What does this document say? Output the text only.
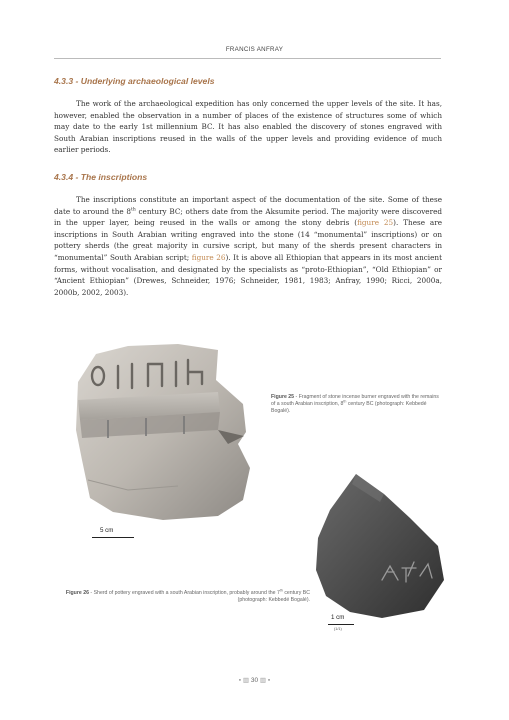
FRANCIS ANFRAY
4.3.3 - Underlying archaeological levels

The work of the archaeological expedition has only concerned the upper levels of the site. It has, however, enabled the observation in a number of places of the existence of structures some of which may date to the early 1st millennium BC. It has also enabled the discovery of stones engraved with South Arabian inscriptions reused in the walls of the upper levels and providing evidence of much earlier periods.

4.3.4 - The inscriptions

The inscriptions constitute an important aspect of the documentation of the site. Some of these date to around the 8th century BC; others date from the Aksumite period. The majority were discovered in the upper layer, being reused in the walls or among the stony debris (figure 25). These are inscriptions in South Arabian writing engraved into the stone (14 “monumental” inscriptions) or on pottery sherds (the great majority in cursive script, but many of the sherds present characters in “monumental” South Arabian script; figure 26). It is above all Ethiopian that appears in its most ancient forms, without vocalisation, and designated by the specialists as “proto-Ethiopian”, “Old Ethiopian” or “Ancient Ethiopian” (Drewes, Schneider, 1976; Schneider, 1981, 1983; Anfray, 1990; Ricci, 2000a, 2000b, 2002, 2003).

Figure 25 - Fragment of stone incense burner engraved with the remains of a south Arabian inscription, 8th century BC (photograph: Kebbedé Bogalé).
5 cm
Figure 26 - Sherd of pottery engraved with a south Arabian inscription, probably around the 7th century BC (photograph: Kebbedé Bogalé).
1 cm
(1/1)
▪ ▥ 30 ▥ ▪
